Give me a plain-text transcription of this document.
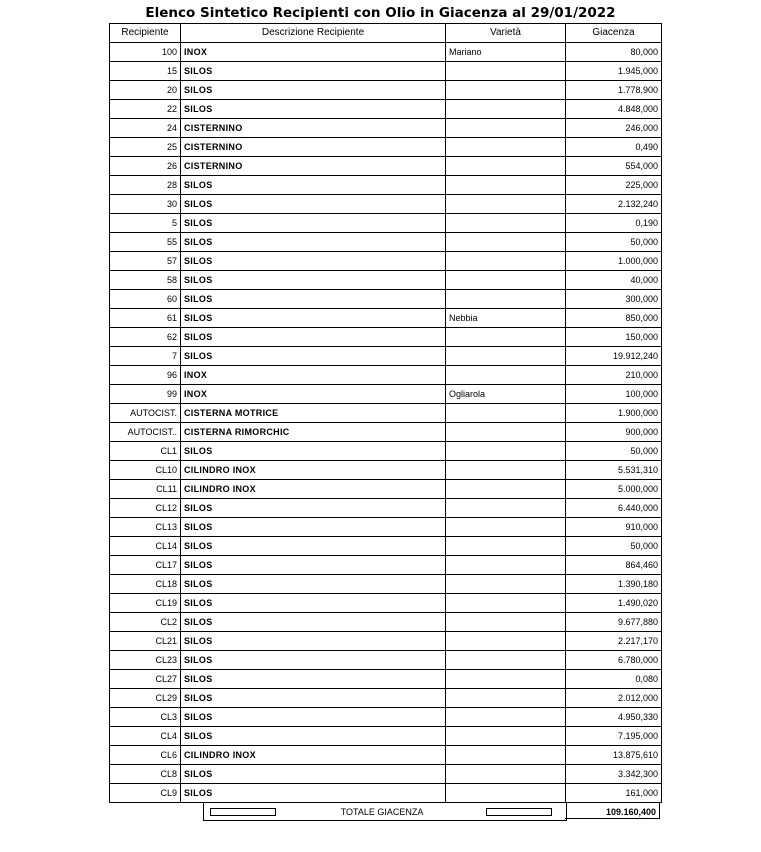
Elenco Sintetico Recipienti con Olio in Giacenza al 29/01/2022
Recipiente	Descrizione Recipiente	Varietà	Giacenza
100	INOX	Mariano	80,000
15	SILOS		1.945,000
20	SILOS		1.778,900
22	SILOS		4.848,000
24	CISTERNINO		246,000
25	CISTERNINO		0,490
26	CISTERNINO		554,000
28	SILOS		225,000
30	SILOS		2.132,240
5	SILOS		0,190
55	SILOS		50,000
57	SILOS		1.000,000
58	SILOS		40,000
60	SILOS		300,000
61	SILOS	Nebbia	850,000
62	SILOS		150,000
7	SILOS		19.912,240
96	INOX		210,000
99	INOX	Ogliarola	100,000
AUTOCIST.	CISTERNA MOTRICE		1.900,000
AUTOCIST..	CISTERNA RIMORCHIC		900,000
CL1	SILOS		50,000
CL10	CILINDRO INOX		5.531,310
CL11	CILINDRO INOX		5.000,000
CL12	SILOS		6.440,000
CL13	SILOS		910,000
CL14	SILOS		50,000
CL17	SILOS		864,460
CL18	SILOS		1.390,180
CL19	SILOS		1.490,020
CL2	SILOS		9.677,880
CL21	SILOS		2.217,170
CL23	SILOS		6.780,000
CL27	SILOS		0,080
CL29	SILOS		2.012,000
CL3	SILOS		4.950,330
CL4	SILOS		7.195,000
CL6	CILINDRO INOX		13.875,610
CL8	SILOS		3.342,300
CL9	SILOS		161,000
TOTALE GIACENZA	109.160,400
